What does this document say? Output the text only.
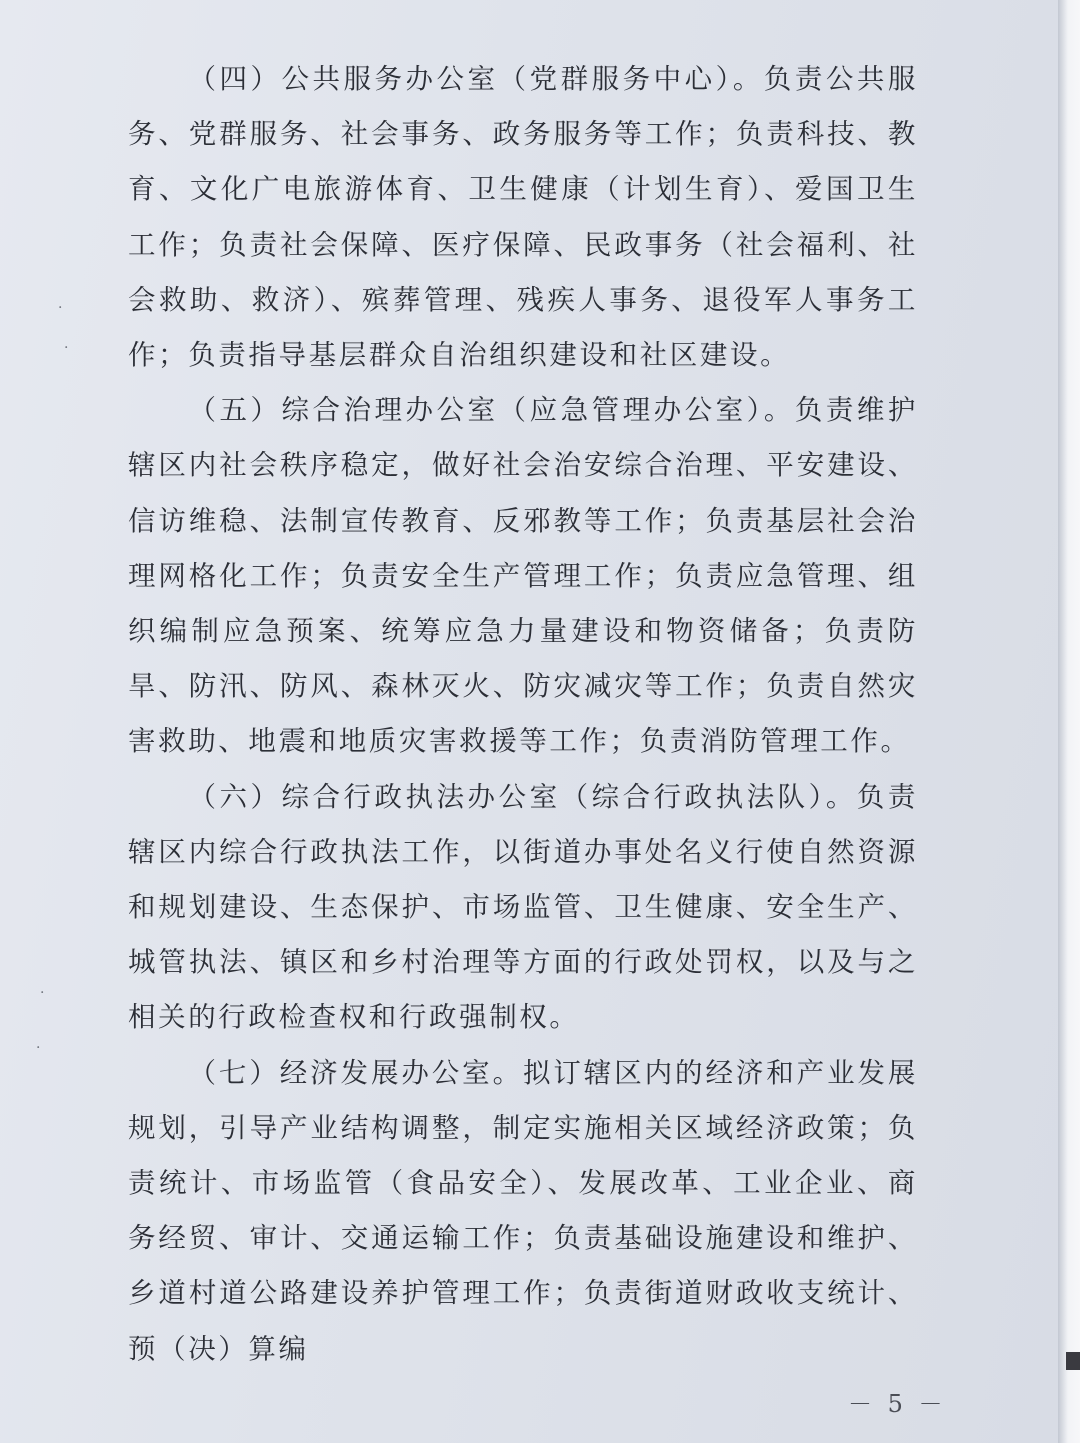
（四）公共服务办公室（党群服务中心）。负责公共服务、党群服务、社会事务、政务服务等工作；负责科技、教育、文化广电旅游体育、卫生健康（计划生育）、爱国卫生工作；负责社会保障、医疗保障、民政事务（社会福利、社会救助、救济）、殡葬管理、残疾人事务、退役军人事务工作；负责指导基层群众自治组织建设和社区建设。

（五）综合治理办公室（应急管理办公室）。负责维护辖区内社会秩序稳定，做好社会治安综合治理、平安建设、信访维稳、法制宣传教育、反邪教等工作；负责基层社会治理网格化工作；负责安全生产管理工作；负责应急管理、组织编制应急预案、统筹应急力量建设和物资储备；负责防旱、防汛、防风、森林灭火、防灾减灾等工作；负责自然灾害救助、地震和地质灾害救援等工作；负责消防管理工作。

（六）综合行政执法办公室（综合行政执法队）。负责辖区内综合行政执法工作，以街道办事处名义行使自然资源和规划建设、生态保护、市场监管、卫生健康、安全生产、城管执法、镇区和乡村治理等方面的行政处罚权，以及与之相关的行政检查权和行政强制权。

（七）经济发展办公室。拟订辖区内的经济和产业发展规划，引导产业结构调整，制定实施相关区域经济政策；负责统计、市场监管（食品安全）、发展改革、工业企业、商务经贸、审计、交通运输工作；负责基础设施建设和维护、乡道村道公路建设养护管理工作；负责街道财政收支统计、预（决）算编

－ 5 －
·
·
·
·
